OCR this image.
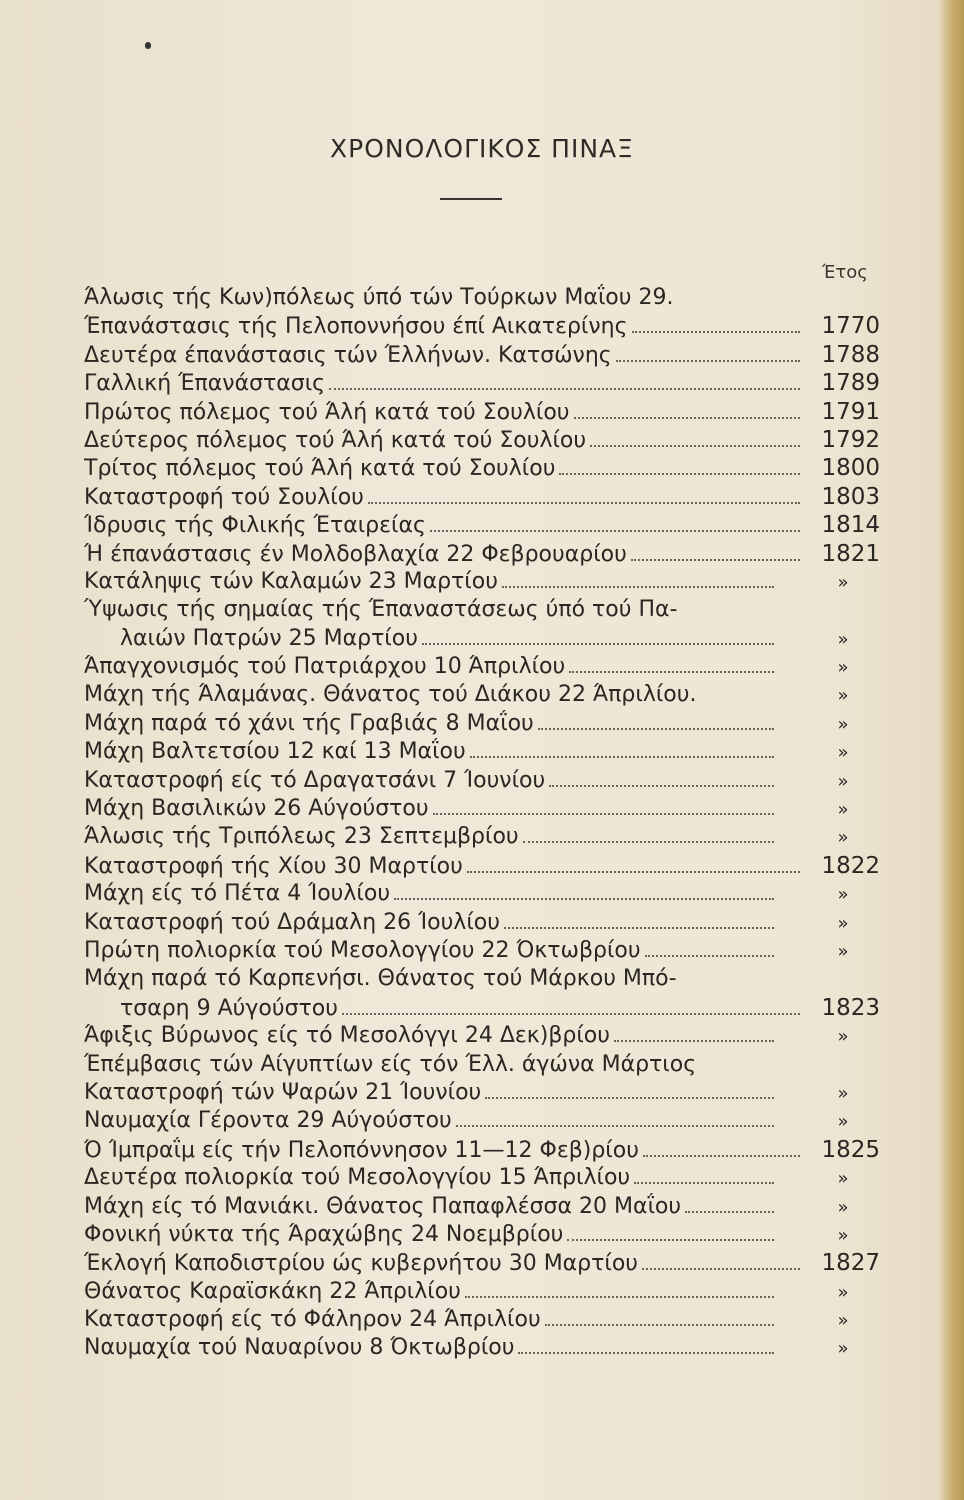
ΧΡΟΝΟΛΟΓΙΚΟΣ ΠΙΝΑΞ
Έτος
Άλωσις τής Κων)πόλεως ύπό τών Τούρκων Μαΐου 29.
Έπανάστασις τής Πελοποννήσου έπί Αικατερίνης	1770
Δευτέρα έπανάστασις τών Έλλήνων. Κατσώνης	1788
Γαλλική Έπανάστασις	1789
Πρώτος πόλεμος τού Άλή κατά τού Σουλίου	1791
Δεύτερος πόλεμος τού Άλή κατά τού Σουλίου	1792
Τρίτος πόλεμος τού Άλή κατά τού Σουλίου	1800
Καταστροφή τού Σουλίου	1803
Ίδρυσις τής Φιλικής Έταιρείας	1814
Ή έπανάστασις έν Μολδοβλαχία 22 Φεβρουαρίου	1821
Κατάληψις τών Καλαμών 23 Μαρτίου	»
Ύψωσις τής σημαίας τής Έπαναστάσεως ύπό τού Πα-
λαιών Πατρών 25 Μαρτίου	»
Άπαγχονισμός τού Πατριάρχου 10 Άπριλίου	»
Μάχη τής Άλαμάνας. Θάνατος τού Διάκου 22 Άπριλίου.	»
Μάχη παρά τό χάνι τής Γραβιάς 8 Μαΐου	»
Μάχη Βαλτετσίου 12 καί 13 Μαΐου	»
Καταστροφή είς τό Δραγατσάνι 7 Ίουνίου	»
Μάχη Βασιλικών 26 Αύγούστου	»
Άλωσις τής Τριπόλεως 23 Σεπτεμβρίου	»
Καταστροφή τής Χίου 30 Μαρτίου	1822
Μάχη είς τό Πέτα 4 Ίουλίου	»
Καταστροφή τού Δράμαλη 26 Ίουλίου	»
Πρώτη πολιορκία τού Μεσολογγίου 22 Όκτωβρίου	»
Μάχη παρά τό Καρπενήσι. Θάνατος τού Μάρκου Μπό-
τσαρη 9 Αύγούστου	1823
Άφιξις Βύρωνος είς τό Μεσολόγγι 24 Δεκ)βρίου	»
Έπέμβασις τών Αίγυπτίων είς τόν Έλλ. άγώνα Μάρτιος
Καταστροφή τών Ψαρών 21 Ίουνίου	»
Ναυμαχία Γέροντα 29 Αύγούστου	»
Ό Ίμπραΐμ είς τήν Πελοπόννησον 11—12 Φεβ)ρίου	1825
Δευτέρα πολιορκία τού Μεσολογγίου 15 Άπριλίου	»
Μάχη είς τό Μανιάκι. Θάνατος Παπαφλέσσα 20 Μαΐου	»
Φονική νύκτα τής Άραχώβης 24 Νοεμβρίου	»
Έκλογή Καποδιστρίου ώς κυβερνήτου 30 Μαρτίου	1827
Θάνατος Καραϊσκάκη 22 Άπριλίου	»
Καταστροφή είς τό Φάληρον 24 Άπριλίου	»
Ναυμαχία τού Ναυαρίνου 8 Όκτωβρίου	»
